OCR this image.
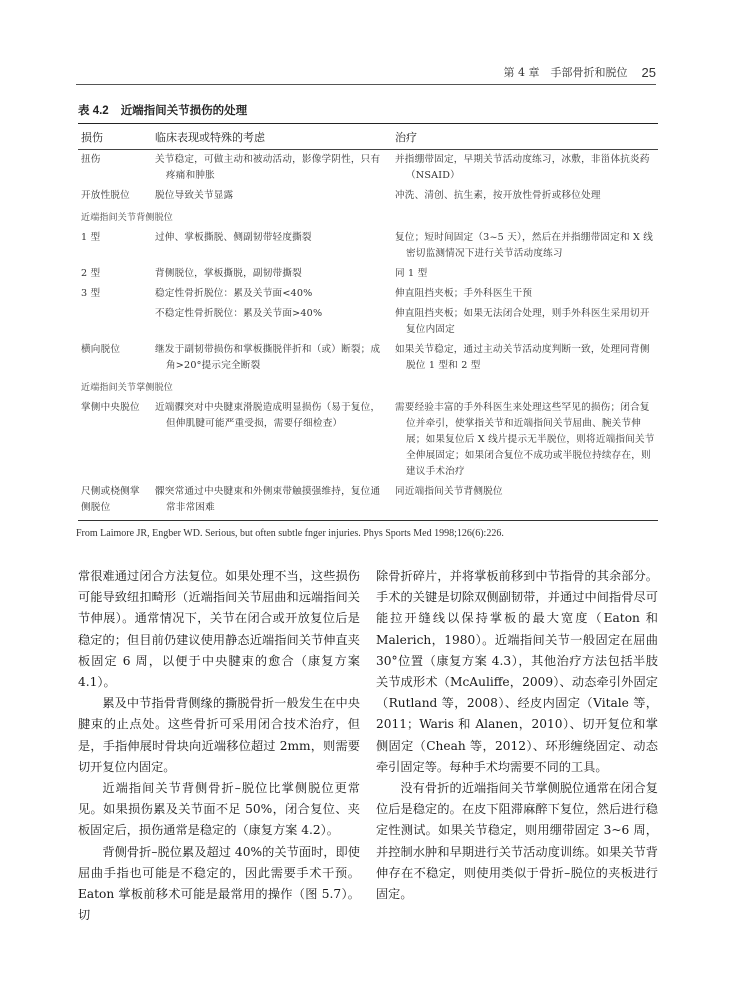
第 4 章　手部骨折和脱位 25
表 4.2 近端指间关节损伤的处理
损伤	临床表现或特殊的考虑	治疗
扭伤	关节稳定，可做主动和被动活动，影像学阴性，只有疼痛和肿胀	并指绷带固定，早期关节活动度练习，冰敷，非甾体抗炎药（NSAID）
开放性脱位	脱位导致关节显露	冲洗、清创、抗生素，按开放性骨折或移位处理
近端指间关节背侧脱位		
1 型	过伸、掌板撕脱、侧副韧带轻度撕裂	复位；短时间固定（3~5 天），然后在并指绷带固定和 X 线密切监测情况下进行关节活动度练习
2 型	背侧脱位，掌板撕脱，副韧带撕裂	同 1 型
3 型	稳定性骨折脱位：累及关节面<40%	伸直阻挡夹板；手外科医生干预
	不稳定性骨折脱位：累及关节面>40%	伸直阻挡夹板；如果无法闭合处理，则手外科医生采用切开复位内固定
横向脱位	继发于副韧带损伤和掌板撕脱伴折和（或）断裂；成角>20°提示完全断裂	如果关节稳定，通过主动关节活动度判断一致，处理同背侧脱位 1 型和 2 型
近端指间关节掌侧脱位		
掌侧中央脱位	近端髁突对中央腱束滑脱造成明显损伤（易于复位，但伸肌腱可能严重受损，需要仔细检查）	需要经验丰富的手外科医生来处理这些罕见的损伤；闭合复位并牵引，使掌指关节和近端指间关节屈曲、腕关节伸展；如果复位后 X 线片提示无半脱位，则将近端指间关节全伸展固定；如果闭合复位不成功或半脱位持续存在，则建议手术治疗
尺侧或桡侧掌侧脱位	髁突常通过中央腱束和外侧束带触摸强维持，复位通常非常困难	同近端指间关节背侧脱位
From Laimore JR, Engber WD. Serious, but often subtle fnger injuries. Phys Sports Med 1998;126(6):226.

常很难通过闭合方法复位。如果处理不当，这些损伤可能导致纽扣畸形（近端指间关节屈曲和远端指间关节伸展）。通常情况下，关节在闭合或开放复位后是稳定的；但目前仍建议使用静态近端指间关节伸直夹板固定 6 周，以便于中央腱束的愈合（康复方案 4.1）。

累及中节指骨背侧缘的撕脱骨折一般发生在中央腱束的止点处。这些骨折可采用闭合技术治疗，但是，手指伸展时骨块向近端移位超过 2mm，则需要切开复位内固定。

近端指间关节背侧骨折–脱位比掌侧脱位更常见。如果损伤累及关节面不足 50%，闭合复位、夹板固定后，损伤通常是稳定的（康复方案 4.2）。

背侧骨折–脱位累及超过 40%的关节面时，即使屈曲手指也可能是不稳定的，因此需要手术干预。Eaton 掌板前移术可能是最常用的操作（图 5.7）。切

除骨折碎片，并将掌板前移到中节指骨的其余部分。手术的关键是切除双侧副韧带，并通过中间指骨尽可能拉开缝线以保持掌板的最大宽度（Eaton 和 Malerich，1980）。近端指间关节一般固定在屈曲 30°位置（康复方案 4.3），其他治疗方法包括半肢关节成形术（McAuliffe，2009）、动态牵引外固定（Rutland 等，2008）、经皮内固定（Vitale 等，2011；Waris 和 Alanen，2010）、切开复位和掌侧固定（Cheah 等，2012）、环形缠绕固定、动态牵引固定等。每种手术均需要不同的工具。

没有骨折的近端指间关节掌侧脱位通常在闭合复位后是稳定的。在皮下阻滞麻醉下复位，然后进行稳定性测试。如果关节稳定，则用绷带固定 3~6 周，并控制水肿和早期进行关节活动度训练。如果关节背伸存在不稳定，则使用类似于骨折–脱位的夹板进行固定。
